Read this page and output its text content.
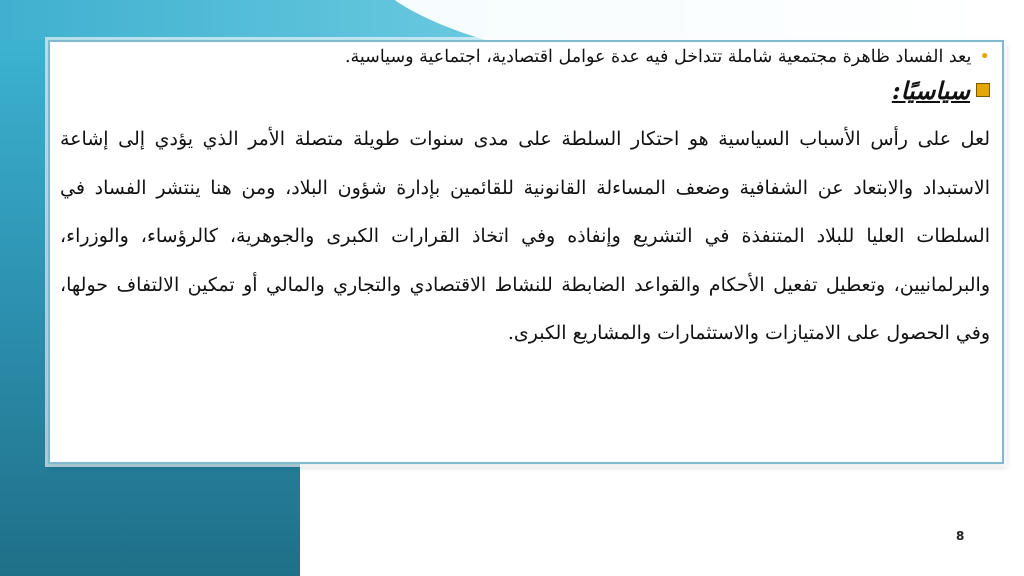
•
يعد الفساد ظاهرة مجتمعية شاملة تتداخل فيه عدة عوامل اقتصادية، اجتماعية وسياسية.
سياسيًا:

لعل على رأس الأسباب السياسية هو احتكار السلطة على مدى سنوات طويلة متصلة الأمر الذي يؤدي إلى إشاعة الاستبداد والابتعاد عن الشفافية وضعف المساءلة القانونية للقائمين بإدارة شؤون البلاد، ومن هنا ينتشر الفساد في السلطات العليا للبلاد المتنفذة في التشريع وإنفاذه وفي اتخاذ القرارات الكبرى والجوهرية، كالرؤساء، والوزراء، والبرلمانيين، وتعطيل تفعيل الأحكام والقواعد الضابطة للنشاط الاقتصادي والتجاري والمالي أو تمكين الالتفاف حولها، وفي الحصول على الامتيازات والاستثمارات والمشاريع الكبرى.

8
